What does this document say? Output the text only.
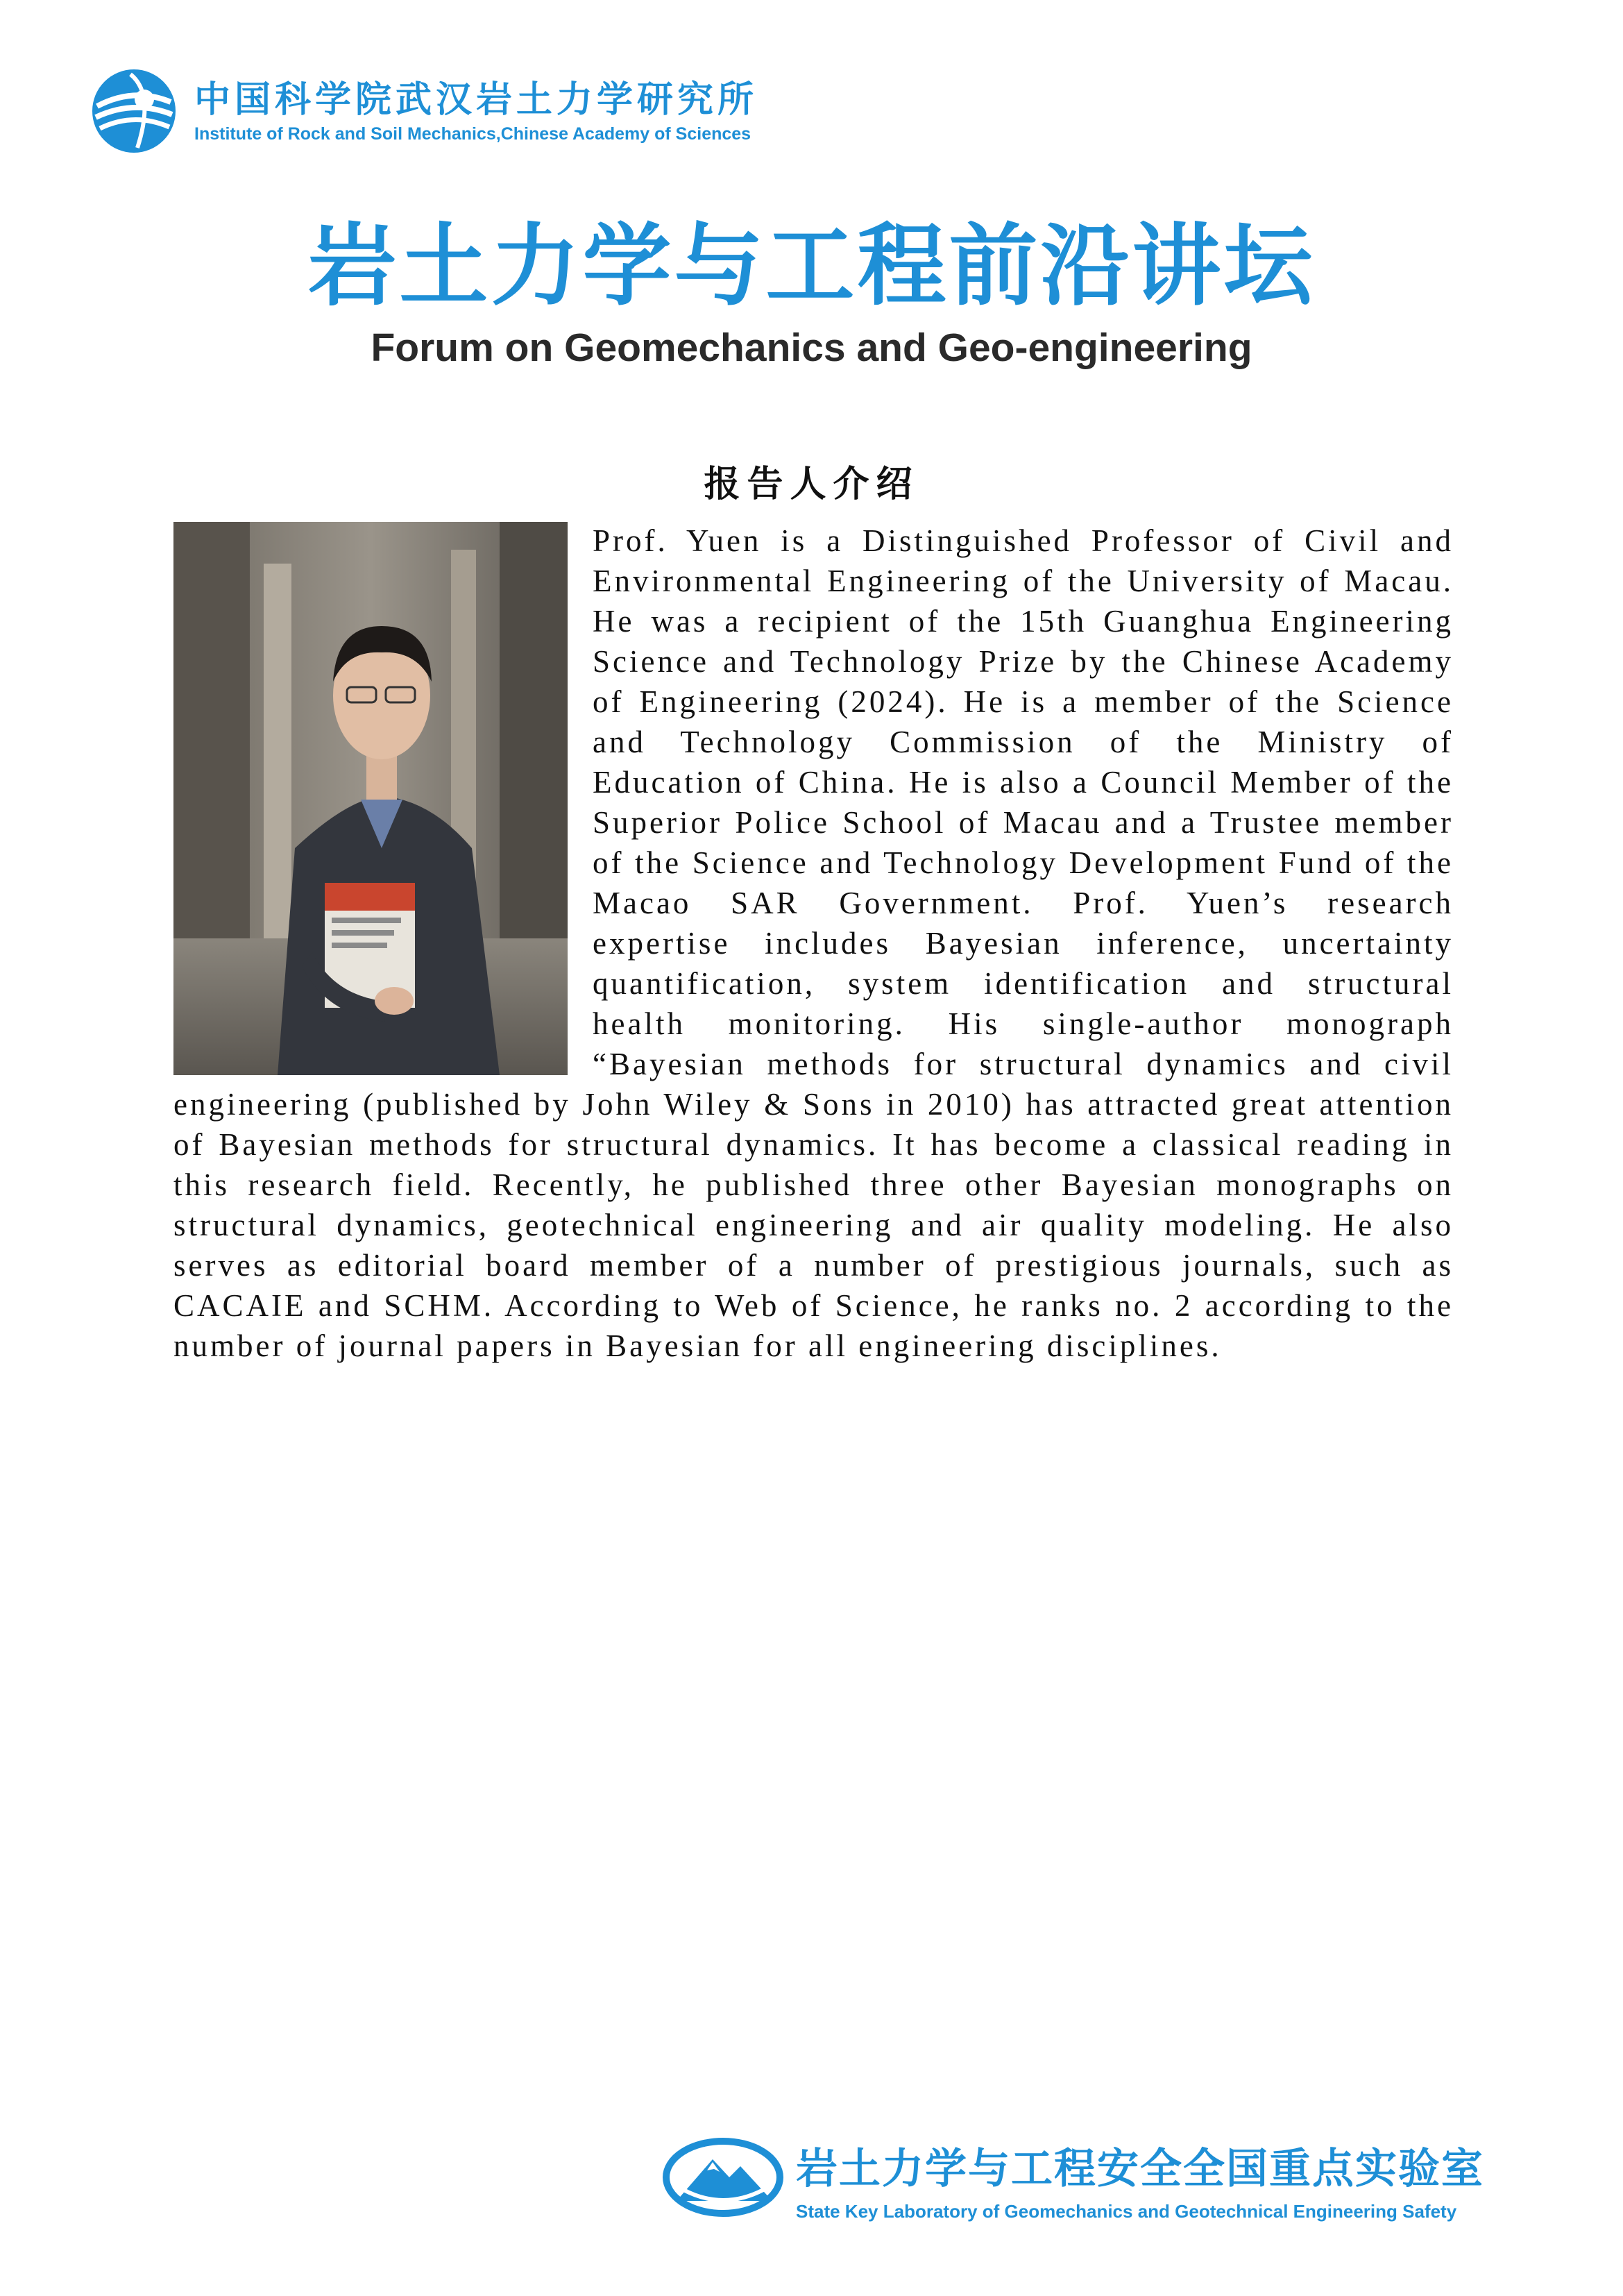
中国科学院武汉岩土力学研究所
Institute of Rock and Soil Mechanics,Chinese Academy of Sciences
岩土力学与工程前沿讲坛
Forum on Geomechanics and Geo-engineering
报告人介绍
Prof. Yuen is a Distinguished Professor of Civil and Environmental Engineering of the University of Macau. He was a recipient of the 15th Guanghua Engineering Science and Technology Prize by the Chinese Academy of Engineering (2024). He is a member of the Science and Technology Commission of the Ministry of Education of China. He is also a Council Member of the Superior Police School of Macau and a Trustee member of the Science and Technology Development Fund of the Macao SAR Government. Prof. Yuen’s research expertise includes Bayesian inference, uncertainty quantification, system identification and structural health monitoring. His single-author monograph “Bayesian methods for structural dynamics and civil engineering (published by John Wiley & Sons in 2010) has attracted great attention of Bayesian methods for structural dynamics. It has become a classical reading in this research field. Recently, he published three other Bayesian monographs on structural dynamics, geotechnical engineering and air quality modeling. He also serves as editorial board member of a number of prestigious journals, such as CACAIE and SCHM. According to Web of Science, he ranks no. 2 according to the number of journal papers in Bayesian for all engineering disciplines.
岩土力学与工程安全全国重点实验室
State Key Laboratory of Geomechanics and Geotechnical Engineering Safety
